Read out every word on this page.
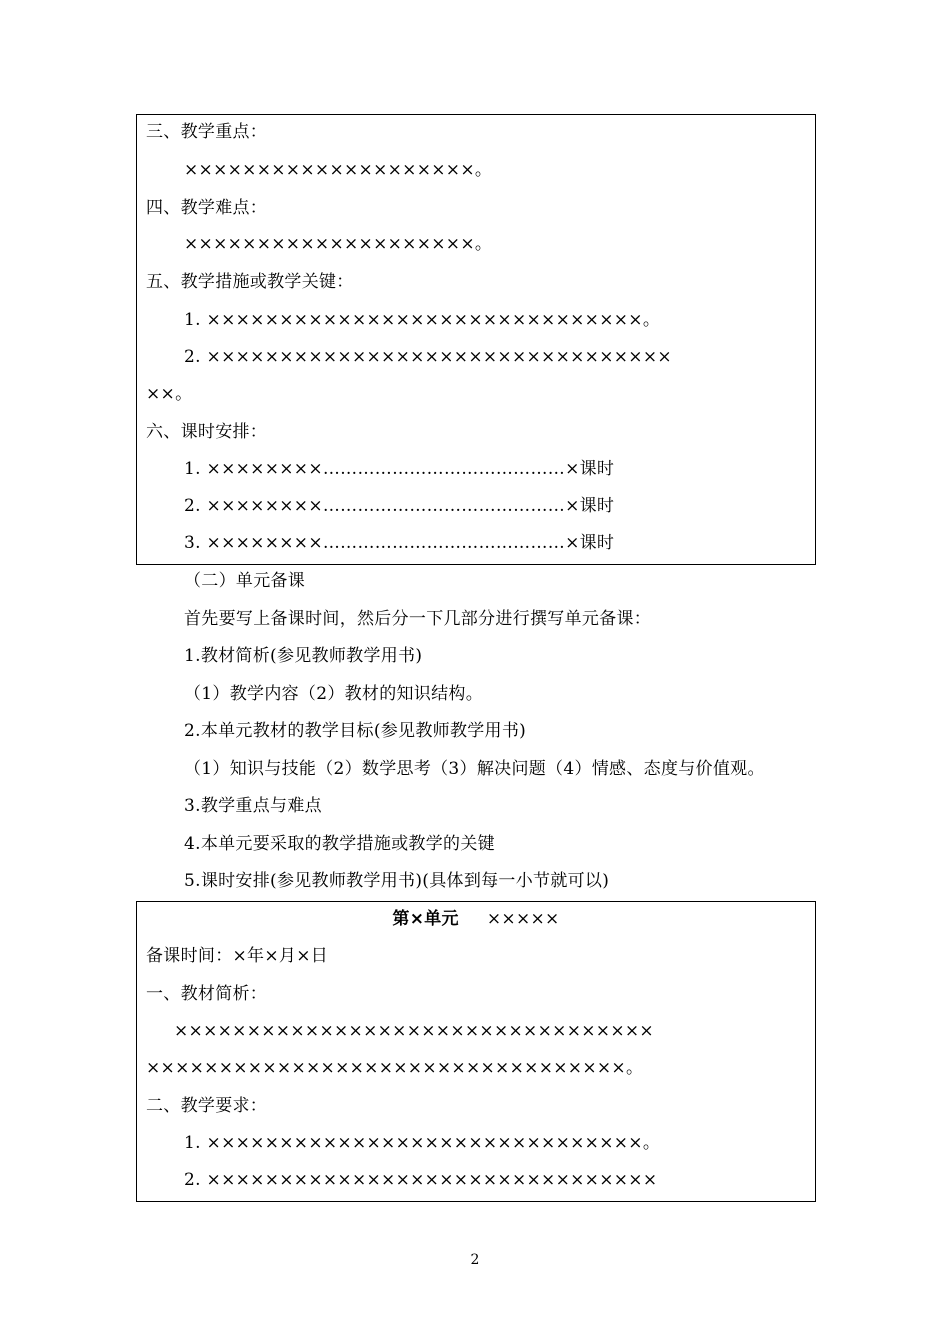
三、教学重点：
××××××××××××××××××××。
四、教学难点：
××××××××××××××××××××。
五、教学措施或教学关键：
1. ××××××××××××××××××××××××××××××。
2. ××××××××××××××××××××××××××××××××
××。
六、课时安排：
1. ××××××××……………………………………×课时
2. ××××××××……………………………………×课时
3. ××××××××……………………………………×课时
（二）单元备课
首先要写上备课时间，然后分一下几部分进行撰写单元备课：
1.教材简析(参见教师教学用书)
（1）教学内容（2）教材的知识结构。
2.本单元教材的教学目标(参见教师教学用书)
（1）知识与技能（2）数学思考（3）解决问题（4）情感、态度与价值观。
3.教学重点与难点
4.本单元要采取的教学措施或教学的关键
5.课时安排(参见教师教学用书)(具体到每一小节就可以)
第×单元 ×××××
备课时间：×年×月×日
一、教材简析：
×××××××××××××××××××××××××××××××××
×××××××××××××××××××××××××××××××××。
二、教学要求：
1. ××××××××××××××××××××××××××××××。
2. ×××××××××××××××××××××××××××××××
2
